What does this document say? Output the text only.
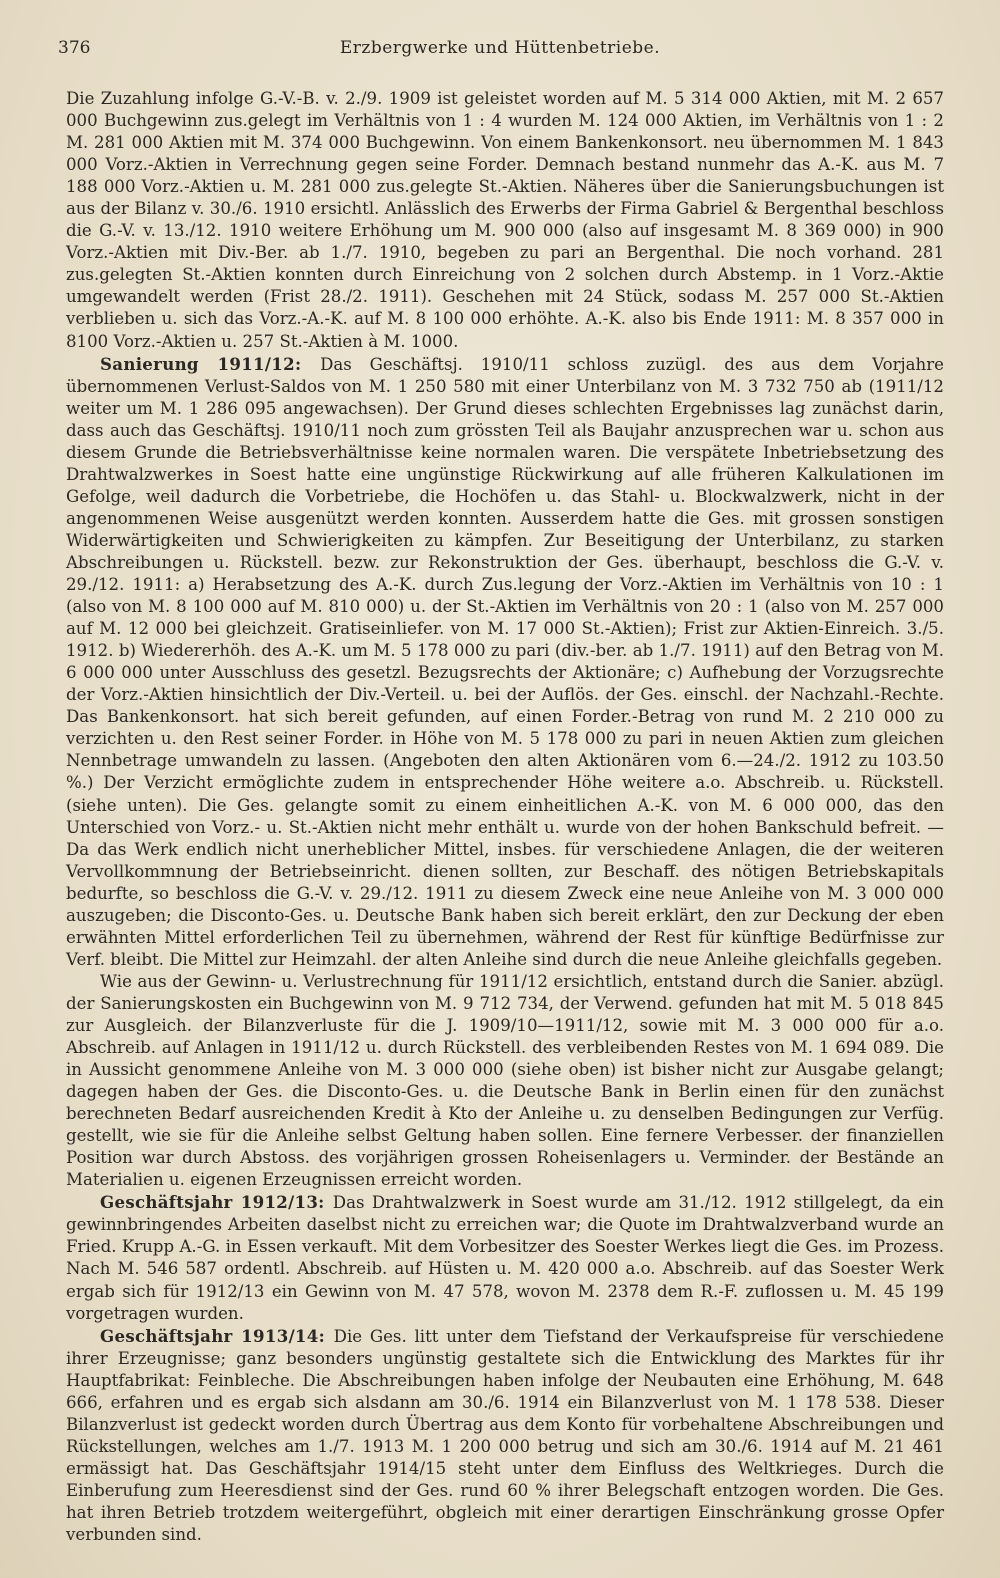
376	Erzbergwerke und Hüttenbetriebe.

Die Zuzahlung infolge G.-V.-B. v. 2./9. 1909 ist geleistet worden auf M. 5 314 000 Aktien, mit M. 2 657 000 Buchgewinn zus.gelegt im Verhältnis von 1 : 4 wurden M. 124 000 Aktien, im Verhältnis von 1 : 2 M. 281 000 Aktien mit M. 374 000 Buchgewinn. Von einem Bankenkonsort. neu übernommen M. 1 843 000 Vorz.-Aktien in Verrechnung gegen seine Forder. Demnach bestand nunmehr das A.-K. aus M. 7 188 000 Vorz.-Aktien u. M. 281 000 zus.gelegte St.-Aktien. Näheres über die Sanierungsbuchungen ist aus der Bilanz v. 30./6. 1910 ersichtl. Anlässlich des Erwerbs der Firma Gabriel & Bergenthal beschloss die G.-V. v. 13./12. 1910 weitere Erhöhung um M. 900 000 (also auf insgesamt M. 8 369 000) in 900 Vorz.-Aktien mit Div.-Ber. ab 1./7. 1910, begeben zu pari an Bergenthal. Die noch vorhand. 281 zus.gelegten St.-Aktien konnten durch Einreichung von 2 solchen durch Abstemp. in 1 Vorz.-Aktie umgewandelt werden (Frist 28./2. 1911). Geschehen mit 24 Stück, sodass M. 257 000 St.-Aktien verblieben u. sich das Vorz.-A.-K. auf M. 8 100 000 erhöhte. A.-K. also bis Ende 1911: M. 8 357 000 in 8100 Vorz.-Aktien u. 257 St.-Aktien à M. 1000.

Sanierung 1911/12: Das Geschäftsj. 1910/11 schloss zuzügl. des aus dem Vorjahre übernommenen Verlust-Saldos von M. 1 250 580 mit einer Unterbilanz von M. 3 732 750 ab (1911/12 weiter um M. 1 286 095 angewachsen). Der Grund dieses schlechten Ergebnisses lag zunächst darin, dass auch das Geschäftsj. 1910/11 noch zum grössten Teil als Baujahr anzusprechen war u. schon aus diesem Grunde die Betriebsverhältnisse keine normalen waren. Die verspätete Inbetriebsetzung des Drahtwalzwerkes in Soest hatte eine ungünstige Rückwirkung auf alle früheren Kalkulationen im Gefolge, weil dadurch die Vorbetriebe, die Hochöfen u. das Stahl- u. Blockwalzwerk, nicht in der angenommenen Weise ausgenützt werden konnten. Ausserdem hatte die Ges. mit grossen sonstigen Widerwärtigkeiten und Schwierigkeiten zu kämpfen. Zur Beseitigung der Unterbilanz, zu starken Abschreibungen u. Rückstell. bezw. zur Rekonstruktion der Ges. überhaupt, beschloss die G.-V. v. 29./12. 1911: a) Herabsetzung des A.-K. durch Zus.legung der Vorz.-Aktien im Verhältnis von 10 : 1 (also von M. 8 100 000 auf M. 810 000) u. der St.-Aktien im Verhältnis von 20 : 1 (also von M. 257 000 auf M. 12 000 bei gleichzeit. Gratiseinliefer. von M. 17 000 St.-Aktien); Frist zur Aktien-Einreich. 3./5. 1912. b) Wiedererhöh. des A.-K. um M. 5 178 000 zu pari (div.-ber. ab 1./7. 1911) auf den Betrag von M. 6 000 000 unter Ausschluss des gesetzl. Bezugsrechts der Aktionäre; c) Aufhebung der Vorzugsrechte der Vorz.-Aktien hinsichtlich der Div.-Verteil. u. bei der Auflös. der Ges. einschl. der Nachzahl.-Rechte. Das Bankenkonsort. hat sich bereit gefunden, auf einen Forder.-Betrag von rund M. 2 210 000 zu verzichten u. den Rest seiner Forder. in Höhe von M. 5 178 000 zu pari in neuen Aktien zum gleichen Nennbetrage umwandeln zu lassen. (Angeboten den alten Aktionären vom 6.—24./2. 1912 zu 103.50 %.) Der Verzicht ermöglichte zudem in entsprechender Höhe weitere a.o. Abschreib. u. Rückstell. (siehe unten). Die Ges. gelangte somit zu einem einheitlichen A.-K. von M. 6 000 000, das den Unterschied von Vorz.- u. St.-Aktien nicht mehr enthält u. wurde von der hohen Bankschuld befreit. — Da das Werk endlich nicht unerheblicher Mittel, insbes. für verschiedene Anlagen, die der weiteren Vervollkommnung der Betriebseinricht. dienen sollten, zur Beschaff. des nötigen Betriebskapitals bedurfte, so beschloss die G.-V. v. 29./12. 1911 zu diesem Zweck eine neue Anleihe von M. 3 000 000 auszugeben; die Disconto-Ges. u. Deutsche Bank haben sich bereit erklärt, den zur Deckung der eben erwähnten Mittel erforderlichen Teil zu übernehmen, während der Rest für künftige Bedürfnisse zur Verf. bleibt. Die Mittel zur Heimzahl. der alten Anleihe sind durch die neue Anleihe gleichfalls gegeben.

Wie aus der Gewinn- u. Verlustrechnung für 1911/12 ersichtlich, entstand durch die Sanier. abzügl. der Sanierungskosten ein Buchgewinn von M. 9 712 734, der Verwend. gefunden hat mit M. 5 018 845 zur Ausgleich. der Bilanzverluste für die J. 1909/10—1911/12, sowie mit M. 3 000 000 für a.o. Abschreib. auf Anlagen in 1911/12 u. durch Rückstell. des verbleibenden Restes von M. 1 694 089. Die in Aussicht genommene Anleihe von M. 3 000 000 (siehe oben) ist bisher nicht zur Ausgabe gelangt; dagegen haben der Ges. die Disconto-Ges. u. die Deutsche Bank in Berlin einen für den zunächst berechneten Bedarf ausreichenden Kredit à Kto der Anleihe u. zu denselben Bedingungen zur Verfüg. gestellt, wie sie für die Anleihe selbst Geltung haben sollen. Eine fernere Verbesser. der finanziellen Position war durch Abstoss. des vorjährigen grossen Roheisenlagers u. Verminder. der Bestände an Materialien u. eigenen Erzeugnissen erreicht worden.

Geschäftsjahr 1912/13: Das Drahtwalzwerk in Soest wurde am 31./12. 1912 stillgelegt, da ein gewinnbringendes Arbeiten daselbst nicht zu erreichen war; die Quote im Drahtwalzverband wurde an Fried. Krupp A.-G. in Essen verkauft. Mit dem Vorbesitzer des Soester Werkes liegt die Ges. im Prozess. Nach M. 546 587 ordentl. Abschreib. auf Hüsten u. M. 420 000 a.o. Abschreib. auf das Soester Werk ergab sich für 1912/13 ein Gewinn von M. 47 578, wovon M. 2378 dem R.-F. zuflossen u. M. 45 199 vorgetragen wurden.

Geschäftsjahr 1913/14: Die Ges. litt unter dem Tiefstand der Verkaufspreise für verschiedene ihrer Erzeugnisse; ganz besonders ungünstig gestaltete sich die Entwicklung des Marktes für ihr Hauptfabrikat: Feinbleche. Die Abschreibungen haben infolge der Neubauten eine Erhöhung, M. 648 666, erfahren und es ergab sich alsdann am 30./6. 1914 ein Bilanzverlust von M. 1 178 538. Dieser Bilanzverlust ist gedeckt worden durch Übertrag aus dem Konto für vorbehaltene Abschreibungen und Rückstellungen, welches am 1./7. 1913 M. 1 200 000 betrug und sich am 30./6. 1914 auf M. 21 461 ermässigt hat. Das Geschäftsjahr 1914/15 steht unter dem Einfluss des Weltkrieges. Durch die Einberufung zum Heeresdienst sind der Ges. rund 60 % ihrer Belegschaft entzogen worden. Die Ges. hat ihren Betrieb trotzdem weitergeführt, obgleich mit einer derartigen Einschränkung grosse Opfer verbunden sind.
